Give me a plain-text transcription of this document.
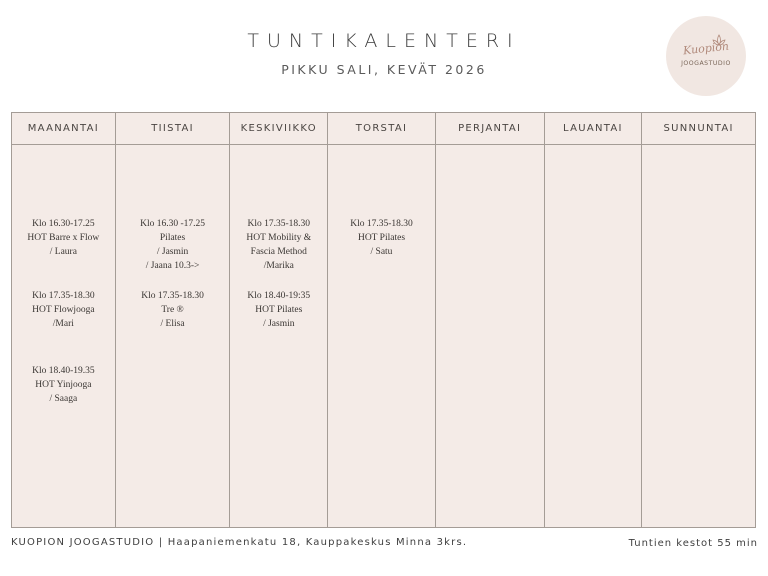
TUNTIKALENTERI
PIKKU SALI, KEVÄT 2026
Kuopion
JOOGASTUDIO
MAANANTAI
Klo 16.30-17.25
HOT Barre x Flow
/ Laura
Klo 17.35-18.30
HOT Flowjooga
/Mari
Klo 18.40-19.35
HOT Yinjooga
/ Saaga
TIISTAI
Klo 16.30 -17.25
Pilates
/ Jasmin
/ Jaana 10.3->
Klo 17.35-18.30
Tre ®
/ Elisa
KESKIVIIKKO
Klo 17.35-18.30
HOT Mobility &
Fascia Method
/Marika
Klo 18.40-19:35
HOT Pilates
/ Jasmin
TORSTAI
Klo 17.35-18.30
HOT Pilates
/ Satu
PERJANTAI	LAUANTAI	SUNNUNTAI
KUOPION JOOGASTUDIO | Haapaniemenkatu 18, Kauppakeskus Minna 3krs.	Tuntien kestot 55 min
